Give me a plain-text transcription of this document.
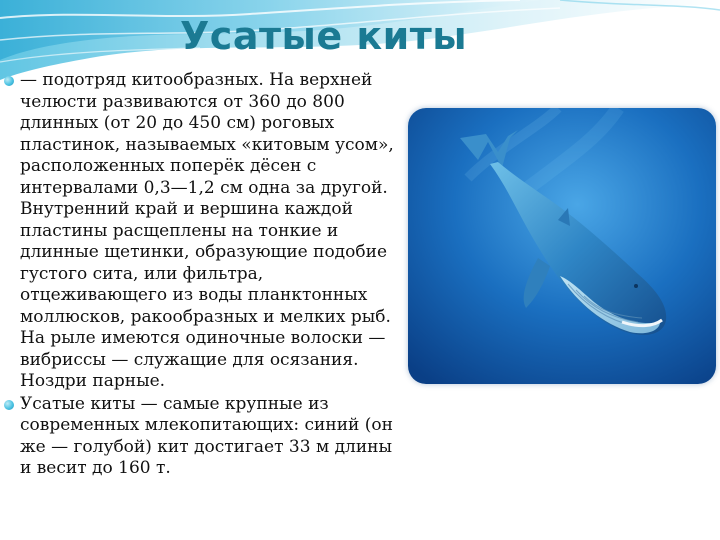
Усатые киты
— подотряд китообразных. На верхней челюсти развиваются от 360 до 800 длинных (от 20 до 450 см) роговых пластинок, называемых «китовым усом», расположенных поперёк дёсен с интервалами 0,3—1,2 см одна за другой. Внутренний край и вершина каждой пластины расщеплены на тонкие и длинные щетинки, образующие подобие густого сита, или фильтра, отцеживающего из воды планктонных моллюсков, ракообразных и мелких рыб. На рыле имеются одиночные волоски — вибриссы — служащие для осязания. Ноздри парные.
Усатые киты — самые крупные из современных млекопитающих: синий (он же — голубой) кит достигает 33 м длины и весит до 160 т.
